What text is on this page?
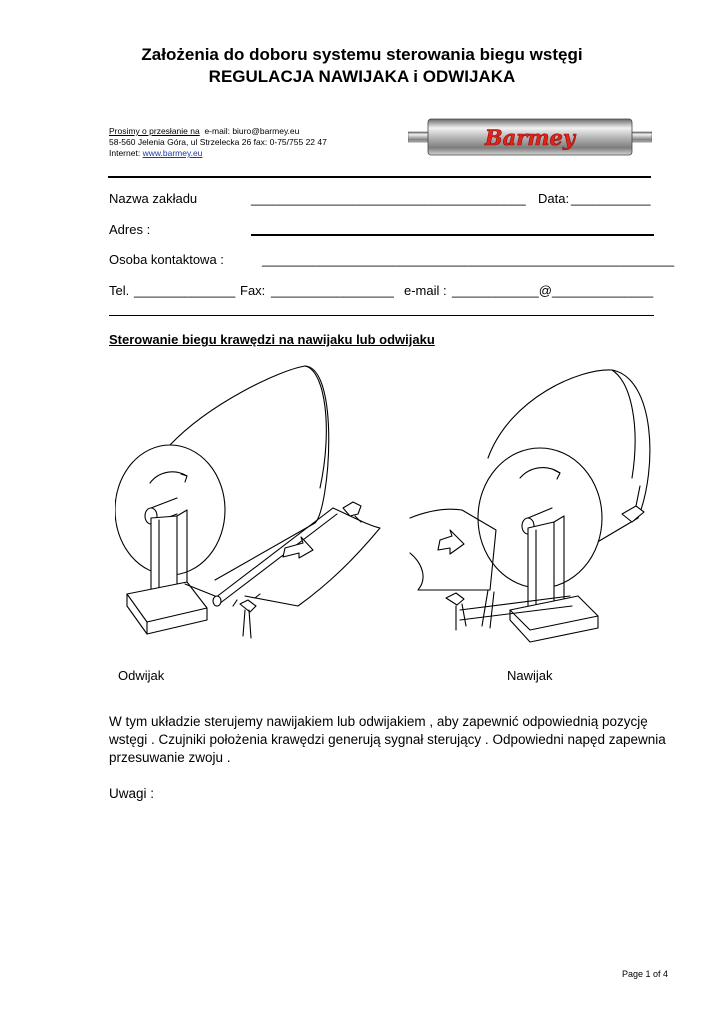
Założenia do doboru systemu sterowania biegu wstęgi
REGULACJA NAWIJAKA i ODWIJAKA
Prosimy o przesłanie na e-mail: biuro@barmey.eu
58-560 Jelenia Góra, ul Strzelecka 26 fax: 0-75/755 22 47
Internet: www.barmey.eu
Barmey
Nazwa zakładu	______________________________________ Data: ___________
Adres :
Osoba kontaktowa :	_________________________________________________________
Tel. ______________ Fax: _________________ e-mail : ____________@______________
Sterowanie biegu krawędzi na nawijaku lub odwijaku
Odwijak	Nawijak
W tym układzie sterujemy nawijakiem lub odwijakiem , aby zapewnić odpowiednią pozycję wstęgi . Czujniki położenia krawędzi generują sygnał sterujący . Odpowiedni napęd zapewnia przesuwanie zwoju .
Uwagi :
Page 1 of 4
